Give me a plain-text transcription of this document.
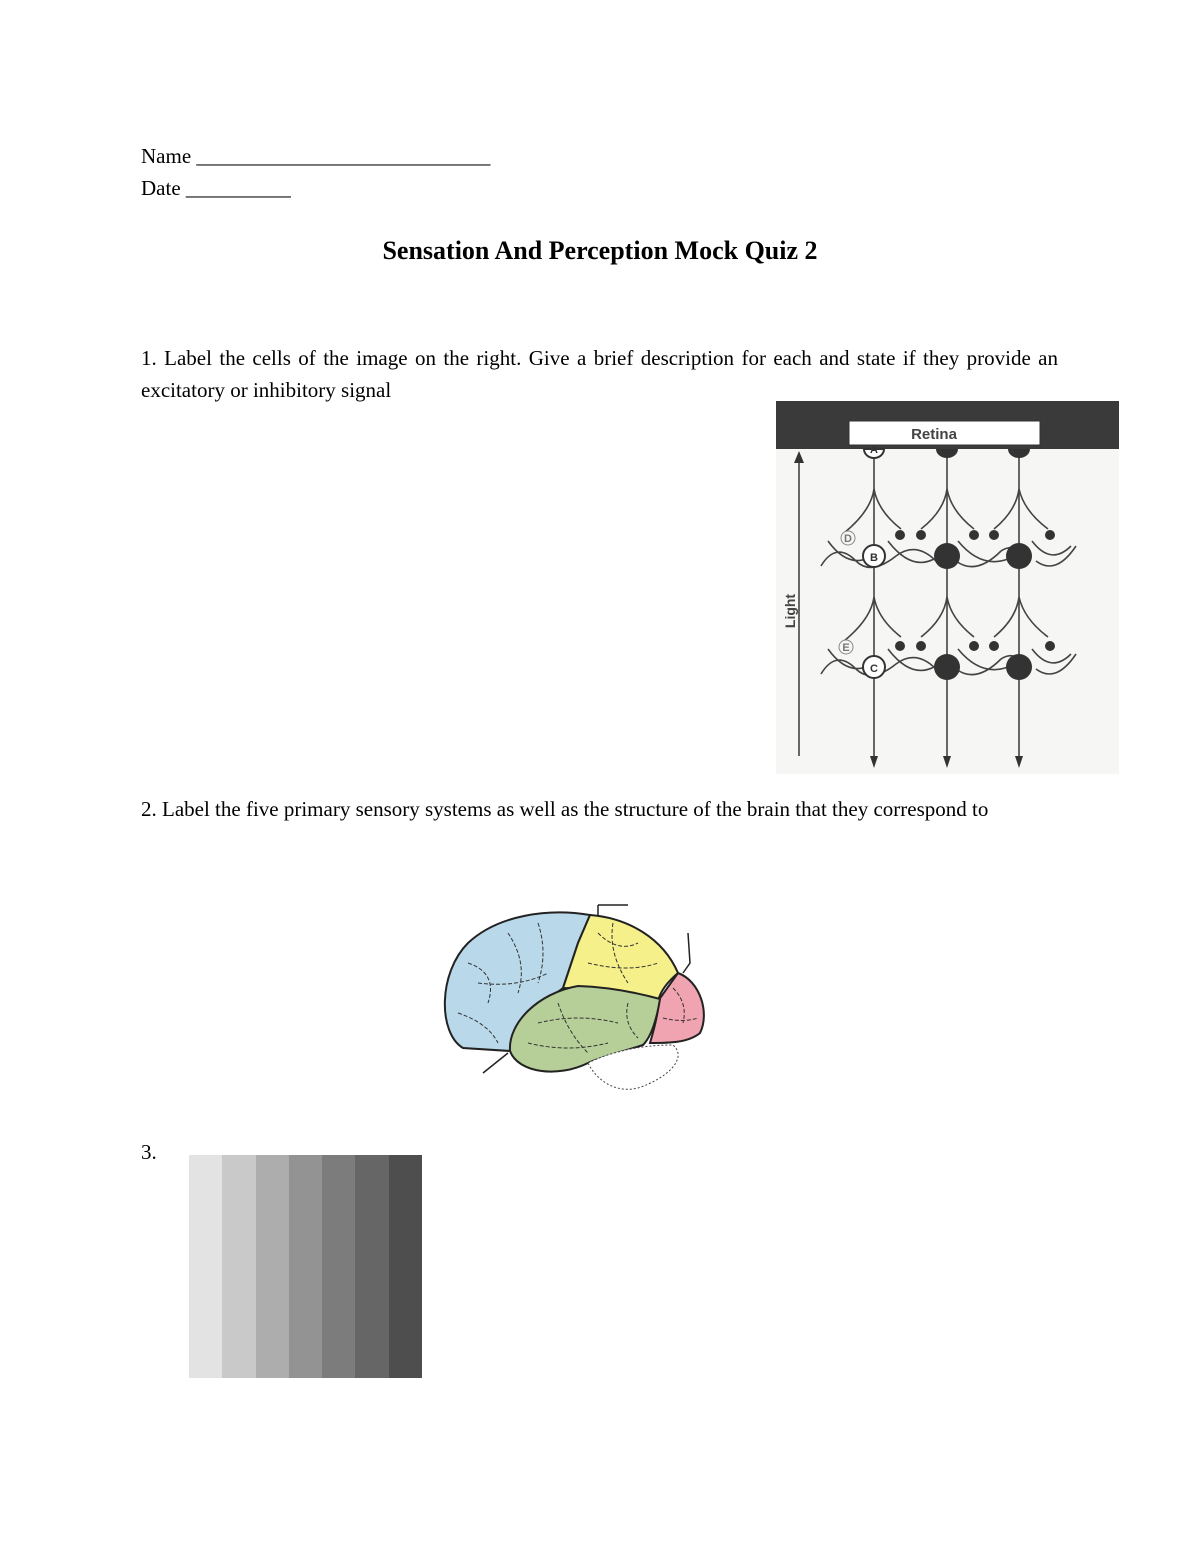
Name ____________________________
Date __________
Sensation And Perception Mock Quiz 2
1. Label the cells of the image on the right. Give a brief description for each and state if they provide an excitatory or inhibitory signal
Retina
A
B
C
D
E
Light
2. Label the five primary sensory systems as well as the structure of the brain that they correspond to
3.
